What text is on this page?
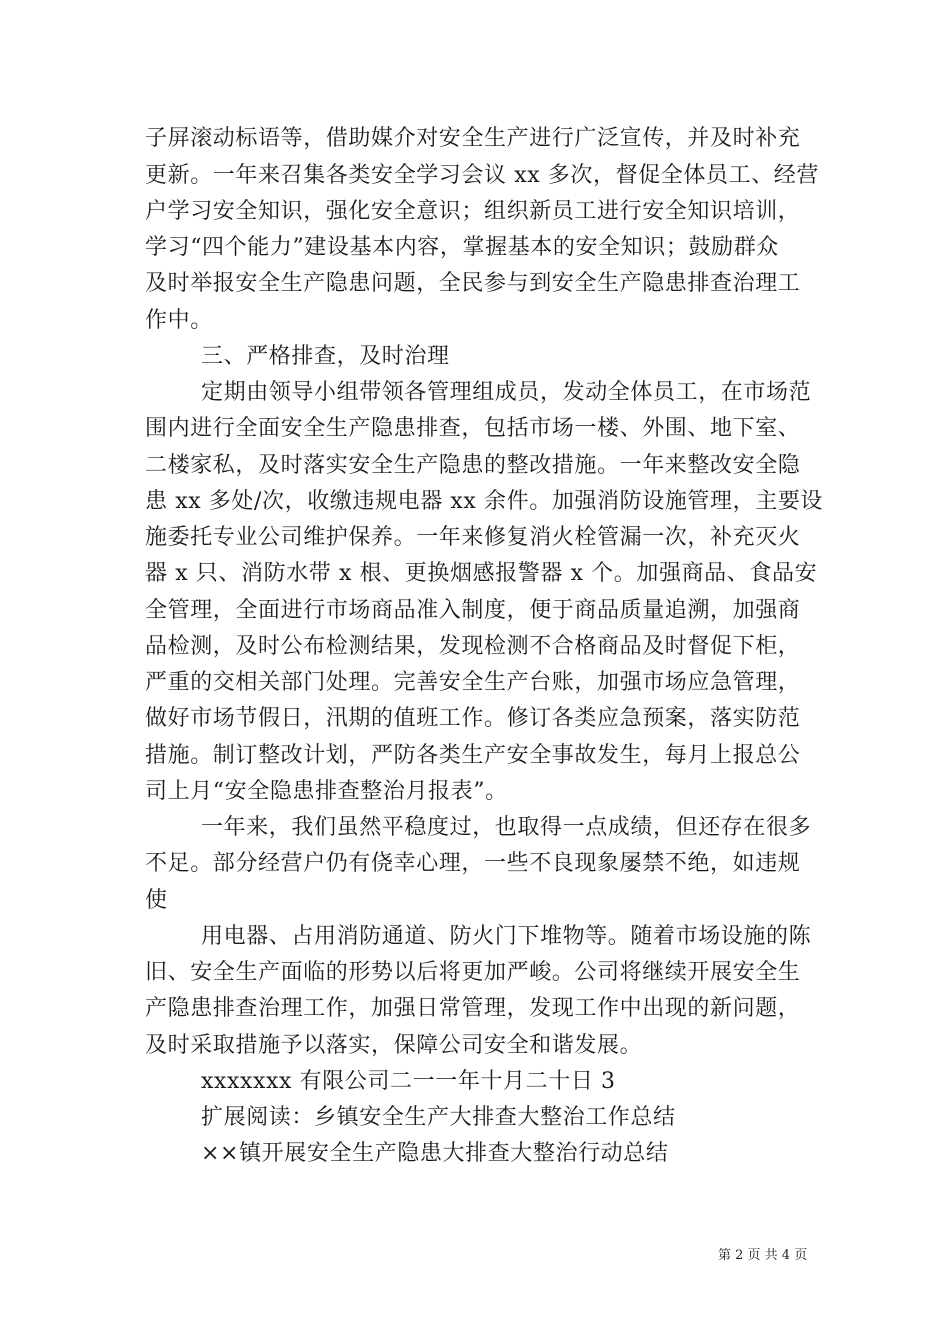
子屏滚动标语等，借助媒介对安全生产进行广泛宣传，并及时补充
更新。一年来召集各类安全学习会议 xx 多次，督促全体员工、经营
户学习安全知识，强化安全意识；组织新员工进行安全知识培训，
学习“四个能力”建设基本内容，掌握基本的安全知识；鼓励群众
及时举报安全生产隐患问题，全民参与到安全生产隐患排查治理工
作中。
三、严格排查，及时治理
定期由领导小组带领各管理组成员，发动全体员工，在市场范
围内进行全面安全生产隐患排查，包括市场一楼、外围、地下室、
二楼家私，及时落实安全生产隐患的整改措施。一年来整改安全隐
患 xx 多处/次，收缴违规电器 xx 余件。加强消防设施管理，主要设
施委托专业公司维护保养。一年来修复消火栓管漏一次，补充灭火
器 x 只、消防水带 x 根、更换烟感报警器 x 个。加强商品、食品安
全管理，全面进行市场商品准入制度，便于商品质量追溯，加强商
品检测，及时公布检测结果，发现检测不合格商品及时督促下柜，
严重的交相关部门处理。完善安全生产台账，加强市场应急管理，
做好市场节假日，汛期的值班工作。修订各类应急预案，落实防范
措施。制订整改计划，严防各类生产安全事故发生，每月上报总公
司上月“安全隐患排查整治月报表”。
一年来，我们虽然平稳度过，也取得一点成绩，但还存在很多
不足。部分经营户仍有侥幸心理，一些不良现象屡禁不绝，如违规
使
用电器、占用消防通道、防火门下堆物等。随着市场设施的陈
旧、安全生产面临的形势以后将更加严峻。公司将继续开展安全生
产隐患排查治理工作，加强日常管理，发现工作中出现的新问题，
及时采取措施予以落实，保障公司安全和谐发展。
xxxxxxx 有限公司二一一年十月二十日 3
扩展阅读：乡镇安全生产大排查大整治工作总结
××镇开展安全生产隐患大排查大整治行动总结
第 2 页 共 4 页
